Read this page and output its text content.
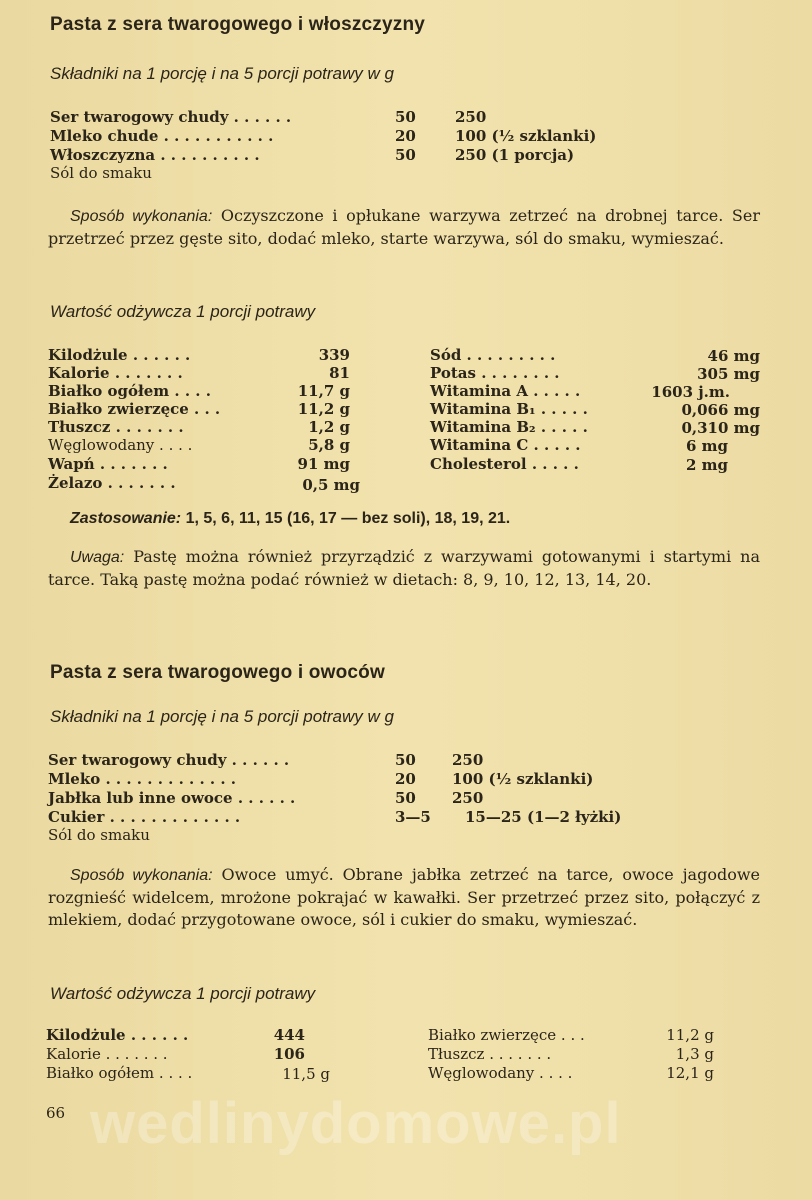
Pasta z sera twarogowego i włoszczyzny
Składniki na 1 porcję i na 5 porcji potrawy w g
Ser twarogowy chudy . . . . . .	50	250
Mleko chude . . . . . . . . . . .	20	100 (½ szklanki)
Włoszczyzna . . . . . . . . . .	50	250 (1 porcja)
Sól do smaku
Sposób wykonania: Oczyszczone i opłukane warzywa zetrzeć na drobnej tarce. Ser przetrzeć przez gęste sito, dodać mleko, starte warzywa, sól do smaku, wymieszać.
Wartość odżywcza 1 porcji potrawy
Kilodżule . . . . . .	339
Kalorie . . . . . . .	81
Białko ogółem . . . .	11,7 g
Białko zwierzęce . . .	11,2 g
Tłuszcz . . . . . . .	1,2 g
Węglowodany . . . .	5,8 g
Wapń . . . . . . .	91 mg
Żelazo . . . . . . .	0,5 mg
Sód . . . . . . . . .	46 mg
Potas . . . . . . . .	305 mg
Witamina A . . . . .	1603 j.m.
Witamina B₁ . . . . .	0,066 mg
Witamina B₂ . . . . .	0,310 mg
Witamina C . . . . .	6 mg
Cholesterol . . . . .	2 mg
Zastosowanie: 1, 5, 6, 11, 15 (16, 17 — bez soli), 18, 19, 21.
Uwaga: Pastę można również przyrządzić z warzywami gotowanymi i startymi na tarce. Taką pastę można podać również w dietach: 8, 9, 10, 12, 13, 14, 20.
Pasta z sera twarogowego i owoców
Składniki na 1 porcję i na 5 porcji potrawy w g
Ser twarogowy chudy . . . . . .	50 250
Mleko . . . . . . . . . . . . .	20 100 (½ szklanki)
Jabłka lub inne owoce . . . . . .	50 250
Cukier . . . . . . . . . . . . .	3—5 15—25 (1—2 łyżki)
Sól do smaku
Sposób wykonania: Owoce umyć. Obrane jabłka zetrzeć na tarce, owoce jagodowe rozgnieść widelcem, mrożone pokrajać w kawałki. Ser przetrzeć przez sito, połączyć z mlekiem, dodać przygotowane owoce, sól i cukier do smaku, wymieszać.
Wartość odżywcza 1 porcji potrawy
Kilodżule . . . . . .	444
Kalorie . . . . . . .	106
Białko ogółem . . . .	11,5 g
Białko zwierzęce . . .	11,2 g
Tłuszcz . . . . . . .	1,3 g
Węglowodany . . . .	12,1 g
wedlinydomowe.pl
66
